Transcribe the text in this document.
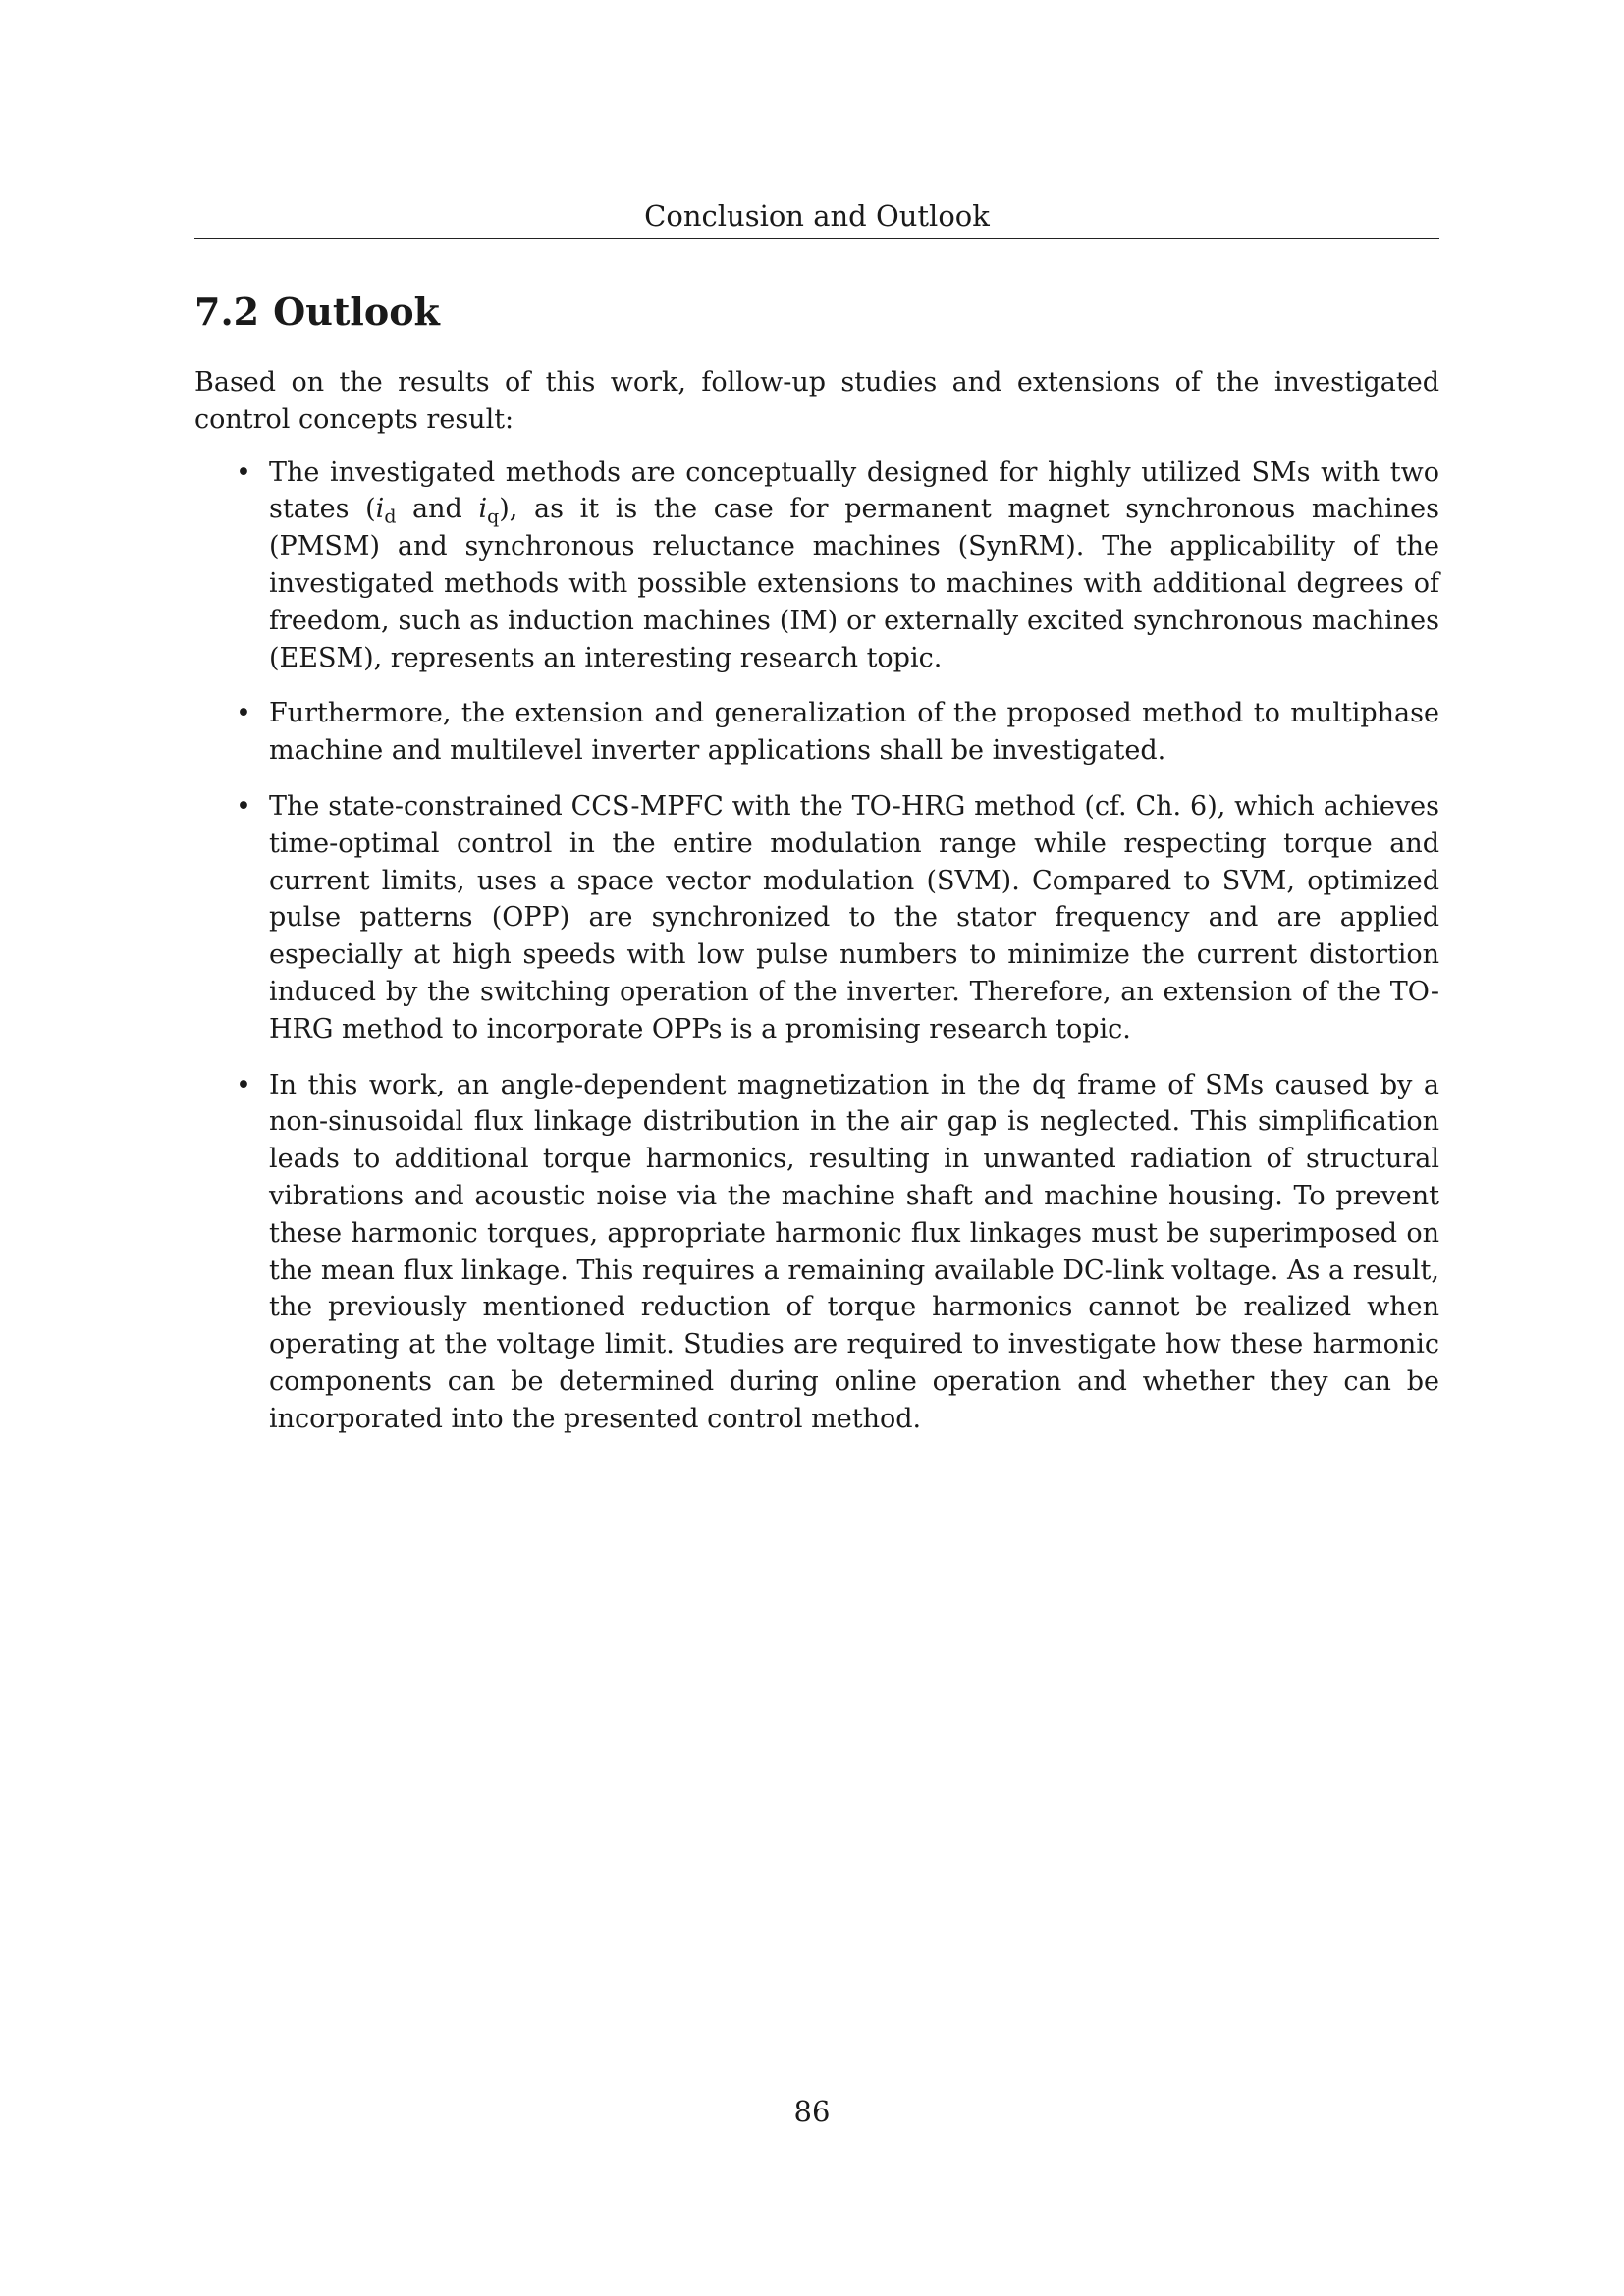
Conclusion and Outlook
7.2 Outlook

Based on the results of this work, follow-up studies and extensions of the investigated control concepts result:

• The investigated methods are conceptually designed for highly utilized SMs with two states ($i_d$ and $i_q$), as it is the case for permanent magnet synchronous machines (PMSM) and synchronous reluctance machines (SynRM). The applicability of the investigated methods with possible extensions to machines with additional degrees of freedom, such as induction machines (IM) or externally excited synchronous machines (EESM), represents an interesting research topic.
• Furthermore, the extension and generalization of the proposed method to multiphase machine and multilevel inverter applications shall be investigated.
• The state-constrained CCS-MPFC with the TO-HRG method (cf. Ch. 6), which achieves time-optimal control in the entire modulation range while respecting torque and current limits, uses a space vector modulation (SVM). Compared to SVM, optimized pulse patterns (OPP) are synchronized to the stator frequency and are applied especially at high speeds with low pulse numbers to minimize the current distortion induced by the switching operation of the inverter. Therefore, an extension of the TO-HRG method to incorporate OPPs is a promising research topic.
• In this work, an angle-dependent magnetization in the dq frame of SMs caused by a non-sinusoidal flux linkage distribution in the air gap is neglected. This simplification leads to additional torque harmonics, resulting in unwanted radiation of structural vibrations and acoustic noise via the machine shaft and machine housing. To prevent these harmonic torques, appropriate harmonic flux linkages must be superimposed on the mean flux linkage. This requires a remaining available DC-link voltage. As a result, the previously mentioned reduction of torque harmonics cannot be realized when operating at the voltage limit. Studies are required to investigate how these harmonic components can be determined during online operation and whether they can be incorporated into the presented control method.
86
